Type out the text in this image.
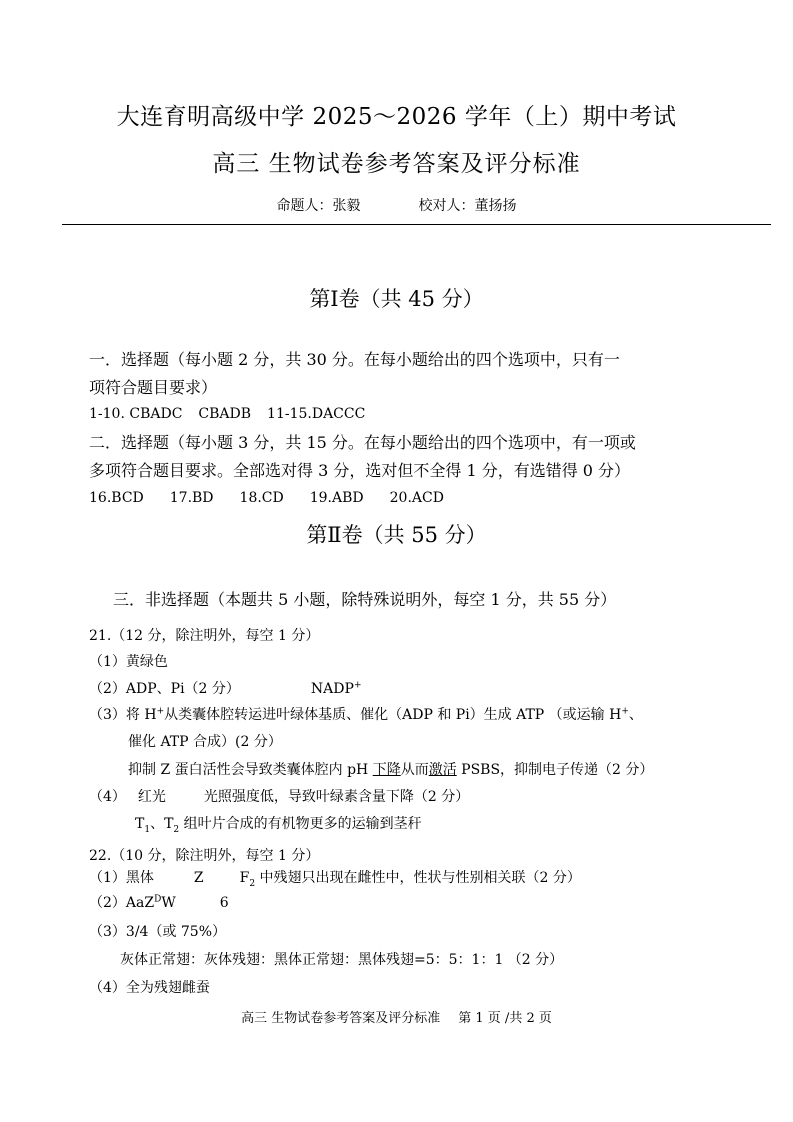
大连育明高级中学 2025～2026 学年（上）期中考试
高三 生物试卷参考答案及评分标准
命题人：张毅	校对人：董扬扬
第Ⅰ卷（共 45 分）
一．选择题（每小题 2 分，共 30 分。在每小题给出的四个选项中，只有一
项符合题目要求）
1-10. CBADC CBADB 11-15.DACCC
二．选择题（每小题 3 分，共 15 分。在每小题给出的四个选项中，有一项或
多项符合题目要求。全部选对得 3 分，选对但不全得 1 分，有选错得 0 分）
16.BCD 17.BD 18.CD 19.ABD 20.ACD
第Ⅱ卷（共 55 分）
三．非选择题（本题共 5 小题，除特殊说明外，每空 1 分，共 55 分）
21.（12 分，除注明外，每空 1 分）
（1）黄绿色
（2）ADP、Pi（2 分）	NADP+
（3）将 H+从类囊体腔转运进叶绿体基质、催化（ADP 和 Pi）生成 ATP （或运输 H+、
催化 ATP 合成）(2 分）
抑制 Z 蛋白活性会导致类囊体腔内 pH 下降从而激活 PSBS，抑制电子传递（2 分）
（4） 红光	光照强度低，导致叶绿素含量下降（2 分）
$T_1$、$T_2$ 组叶片合成的有机物更多的运输到茎秆
22.（10 分，除注明外，每空 1 分）
（1）黑体	Z	$F_2$ 中残翅只出现在雌性中，性状与性别相关联（2 分）
（2）AaZ$^D$W	6
（3）3/4（或 75%）
灰体正常翅：灰体残翅：黑体正常翅：黑体残翅=5：5：1：1 （2 分）
（4）全为残翅雌蚕
高三 生物试卷参考答案及评分标准 第 1 页 /共 2 页
